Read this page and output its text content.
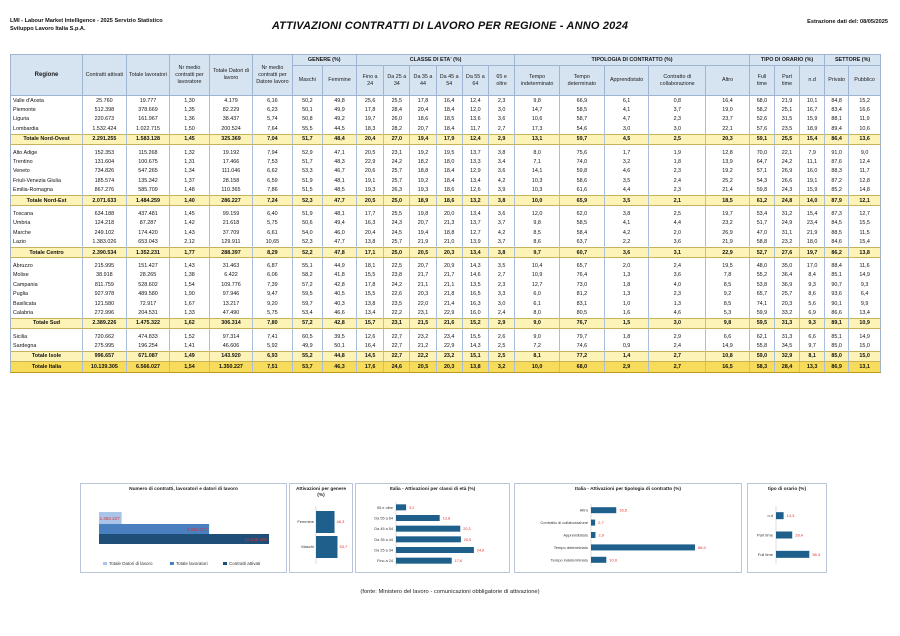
LMI - Labour Market Intelligence - 2025 Servizio Statistico
Sviluppo Lavoro Italia S.p.A.	ATTIVAZIONI CONTRATTI DI LAVORO PER REGIONE - ANNO 2024	Estrazione dati del: 08/05/2025
Regione	Contratti attivati	Totale lavoratori	Nr medio contratti per lavoratore	Totale Datori di lavoro	Nr medio contratti per Datore lavoro	GENERE (%)		CLASSE DI ETA' (%)						TIPOLOGIA DI CONTRATTO (%)					TIPO DI ORARIO (%)			SETTORE (%)	
						Maschi	Femmine	Fino a 24	Da 25 a 34	Da 35 a 44	Da 45 a 54	Da 55 a 64	65 e oltre	Tempo indeterminato	Tempo determinato	Apprendistato	Contratto di collaborazione	Altro	Full time	Part time	n.d	Privato	Pubblico
Valle d'Aosta	25.760	19.777	1,30	4.179	6,16	50,2	49,8	25,6	25,5	17,8	16,4	12,4	2,3	9,8	66,9	6,1	0,8	16,4	68,0	21,9	10,1	84,8	15,2
Piemonte	512.398	378.669	1,35	82.229	6,23	50,1	49,9	17,8	28,4	20,4	18,4	12,0	3,0	14,7	58,5	4,1	3,7	19,0	58,2	25,1	16,7	83,4	16,6
Liguria	220.673	161.967	1,36	38.437	5,74	50,8	49,2	19,7	26,0	18,6	18,5	13,6	3,6	10,6	58,7	4,7	2,3	23,7	52,6	31,5	15,9	88,1	11,9
Lombardia	1.532.424	1.022.715	1,50	200.524	7,64	55,5	44,5	18,3	28,2	20,7	18,4	11,7	2,7	17,3	54,6	3,0	3,0	22,1	57,6	23,5	18,9	89,4	10,6
Totale Nord-Ovest	2.291.255	1.583.128	1,45	325.369	7,04	51,7	48,4	20,4	27,0	19,4	17,9	12,4	2,9	13,1	59,7	4,5	2,5	20,3	59,1	25,5	15,4	86,4	13,6

Alto Adige	152.353	115.268	1,32	19.192	7,94	52,9	47,1	20,5	23,1	19,2	19,5	13,7	3,8	8,0	75,6	1,7	1,9	12,8	70,0	22,1	7,9	91,0	9,0
Trentino	131.604	100.675	1,31	17.466	7,53	51,7	48,3	22,9	24,2	18,2	18,0	13,3	3,4	7,1	74,0	3,2	1,8	13,9	64,7	24,2	11,1	87,6	12,4
Veneto	734.826	547.265	1,34	111.046	6,62	53,3	46,7	20,6	25,7	18,8	18,4	12,9	3,6	14,1	59,8	4,6	2,3	19,2	57,1	26,9	16,0	88,3	11,7
Friuli-Venezia Giulia	185.574	135.342	1,37	28.158	6,59	51,9	48,1	19,1	25,7	19,2	18,4	13,4	4,2	10,3	58,6	3,5	2,4	25,2	54,3	26,6	19,1	87,2	12,8
Emilia-Romagna	867.276	585.709	1,48	110.365	7,86	51,5	48,5	19,3	26,3	19,3	18,6	12,6	3,9	10,3	61,6	4,4	2,3	21,4	59,8	24,3	15,9	85,2	14,8
Totale Nord-Est	2.071.633	1.484.259	1,40	286.227	7,24	52,3	47,7	20,5	25,0	18,9	18,6	13,2	3,8	10,0	65,9	3,5	2,1	18,5	61,2	24,8	14,0	87,9	12,1

Toscana	634.188	437.481	1,45	99.159	6,40	51,9	48,1	17,7	25,5	19,8	20,0	13,4	3,6	12,0	62,0	3,8	2,5	19,7	53,4	31,2	15,4	87,3	12,7
Umbria	124.218	87.287	1,42	21.618	5,75	50,6	49,4	16,3	24,3	20,7	21,3	13,7	3,7	9,8	58,5	4,1	4,4	23,2	51,7	24,9	23,4	84,5	15,5
Marche	249.102	174.420	1,43	37.709	6,61	54,0	46,0	20,4	24,5	19,4	18,8	12,7	4,2	8,5	58,4	4,2	2,0	26,9	47,0	31,1	21,9	88,5	11,5
Lazio	1.383.026	653.043	2,12	129.911	10,65	52,3	47,7	13,8	25,7	21,9	21,0	13,9	3,7	8,6	63,7	2,2	3,6	21,9	58,8	23,2	18,0	84,6	15,4
Totale Centro	2.390.534	1.352.231	1,77	288.397	8,29	52,2	47,8	17,1	25,0	20,5	20,3	13,4	3,8	9,7	60,7	3,6	3,1	22,9	52,7	27,6	19,7	86,2	13,8

Abruzzo	215.995	151.427	1,43	31.463	6,87	55,1	44,9	18,1	22,5	20,7	20,9	14,3	3,5	10,4	65,7	2,0	2,4	19,5	48,0	35,0	17,0	88,4	11,6
Molise	38.918	28.265	1,38	6.422	6,06	58,2	41,8	15,5	23,8	21,7	21,7	14,6	2,7	10,9	76,4	1,3	3,6	7,8	55,2	36,4	8,4	85,1	14,9
Campania	811.759	528.602	1,54	109.776	7,39	57,2	42,8	17,8	24,2	21,1	21,1	13,5	2,3	12,7	73,0	1,8	4,0	8,5	53,8	36,9	9,3	90,7	9,3
Puglia	927.978	489.580	1,90	97.946	9,47	59,5	40,5	15,5	22,6	20,3	21,8	16,5	3,3	6,0	81,2	1,3	2,3	9,2	65,7	25,7	8,6	93,6	6,4
Basilicata	121.580	72.917	1,67	13.217	9,20	59,7	40,3	13,8	23,5	22,0	21,4	16,3	3,0	6,1	83,1	1,0	1,3	8,5	74,1	20,3	5,6	90,1	9,9
Calabria	272.996	204.531	1,33	47.490	5,75	53,4	46,6	13,4	22,2	23,1	22,9	16,0	2,4	8,0	80,5	1,6	4,6	5,3	59,9	33,2	6,9	86,6	13,4
Totale Sud	2.389.226	1.475.322	1,62	306.314	7,80	57,2	42,8	15,7	23,1	21,5	21,6	15,2	2,9	9,0	76,7	1,5	3,0	9,8	59,5	31,3	9,3	89,1	10,9

Sicilia	720.662	474.833	1,52	97.314	7,41	60,5	39,5	12,6	22,7	23,2	23,4	15,5	2,6	9,0	79,7	1,8	2,9	6,6	62,1	31,3	6,6	85,1	14,9
Sardegna	275.995	196.254	1,41	46.606	5,92	49,9	50,1	16,4	22,7	21,2	22,9	14,3	2,5	7,2	74,6	0,9	2,4	14,9	55,8	34,5	9,7	85,0	15,0
Totale Isole	996.657	671.087	1,49	143.920	6,93	55,2	44,8	14,5	22,7	22,2	23,2	15,1	2,5	8,1	77,2	1,4	2,7	10,8	59,0	32,9	8,1	85,0	15,0
Totale Italia	10.139.305	6.566.027	1,54	1.350.227	7,51	53,7	46,3	17,6	24,6	20,5	20,3	13,8	3,2	10,0	68,0	2,9	2,7	16,5	58,3	28,4	13,3	86,9	13,1
Numero di contratti, lavoratori e datori di lavoro
1.350.227
6.566.027
10.139.305
Totale Datori di lavoro	Totale lavoratori	Contratti attivati
Attivazioni per genere (%)
Femmine	46,3
Maschi	53,7
Italia - Attivazioni per classi di età (%)
65 e oltre	3,2
Da 55 a 64	13,8
Da 45 a 54	20,3
Da 35 a 44	20,5
Da 25 a 34	24,6
Fino a 24	17,6
Italia - Attivazioni per tipologia di contratto (%)
Altro	16,5
Contratto di collaborazione	2,7
Apprendistato	2,9
Tempo determinato	68,0
Tempo indeterminato	10,0
tipo di orario (%)
n.d	13,3
Part time	28,4
Full time	58,3
(fonte: Ministero del lavoro - comunicazioni obbligatorie di attivazione)
